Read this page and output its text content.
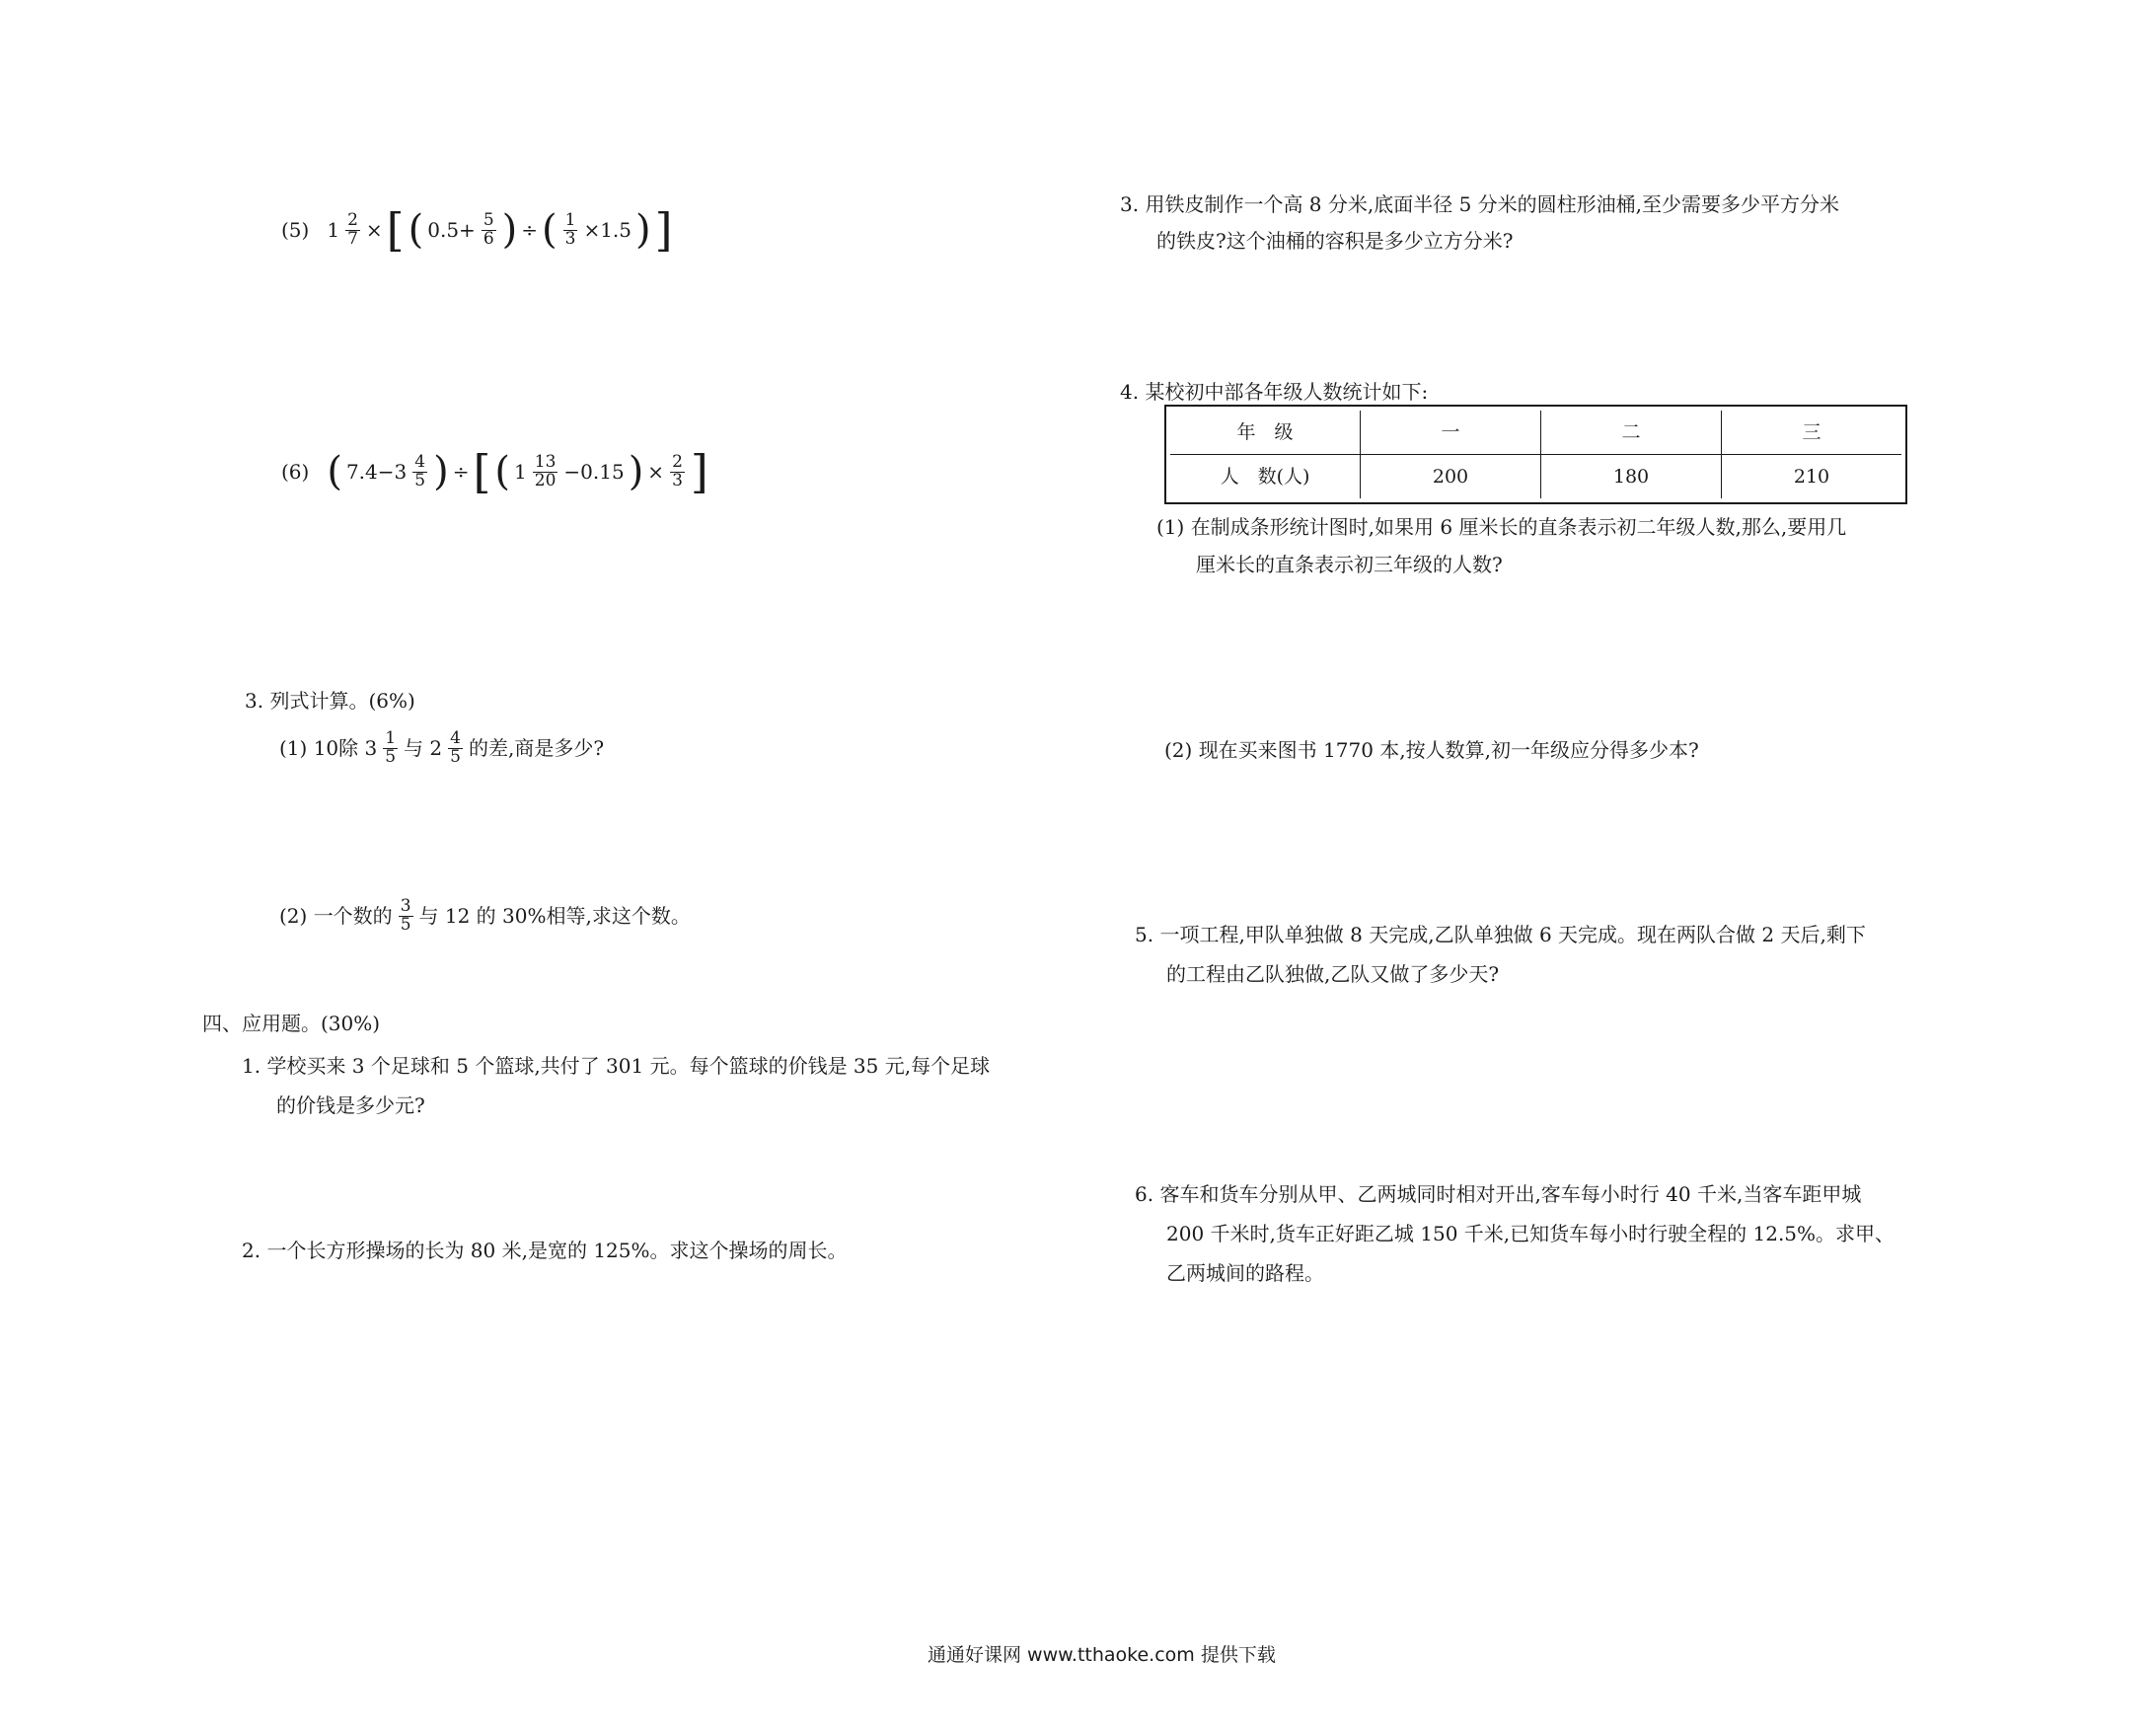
(5) $1 \frac{2}{7}$ × [ ( $0.5+ \frac{5}{6}$ ) ÷ ( $\frac{1}{3} \times 1.5$ ) ]
(6) ( $7.4-3 \frac{4}{5}$ ) ÷ [ ( $1 \frac{13}{20} -0.15$ ) × $\frac{2}{3}$ ]
3. 列式计算。(6%)
(1) 10除 $3 \frac{1}{5}$ 与 $2 \frac{4}{5}$ 的差,商是多少?
(2) 一个数的 $\frac{3}{5}$ 与 12 的 30%相等,求这个数。
四、应用题。(30%)
1. 学校买来 3 个足球和 5 个篮球,共付了 301 元。每个篮球的价钱是 35 元,每个足球
的价钱是多少元?
2. 一个长方形操场的长为 80 米,是宽的 125%。求这个操场的周长。
3. 用铁皮制作一个高 8 分米,底面半径 5 分米的圆柱形油桶,至少需要多少平方分米
的铁皮?这个油桶的容积是多少立方分米?
4. 某校初中部各年级人数统计如下:
年　级	一	二	三
人　数(人)	200	180	210
(1) 在制成条形统计图时,如果用 6 厘米长的直条表示初二年级人数,那么,要用几
厘米长的直条表示初三年级的人数?
(2) 现在买来图书 1770 本,按人数算,初一年级应分得多少本?
5. 一项工程,甲队单独做 8 天完成,乙队单独做 6 天完成。现在两队合做 2 天后,剩下
的工程由乙队独做,乙队又做了多少天?
6. 客车和货车分别从甲、乙两城同时相对开出,客车每小时行 40 千米,当客车距甲城
200 千米时,货车正好距乙城 150 千米,已知货车每小时行驶全程的 12.5%。求甲、
乙两城间的路程。
通通好课网 www.tthaoke.com 提供下载
